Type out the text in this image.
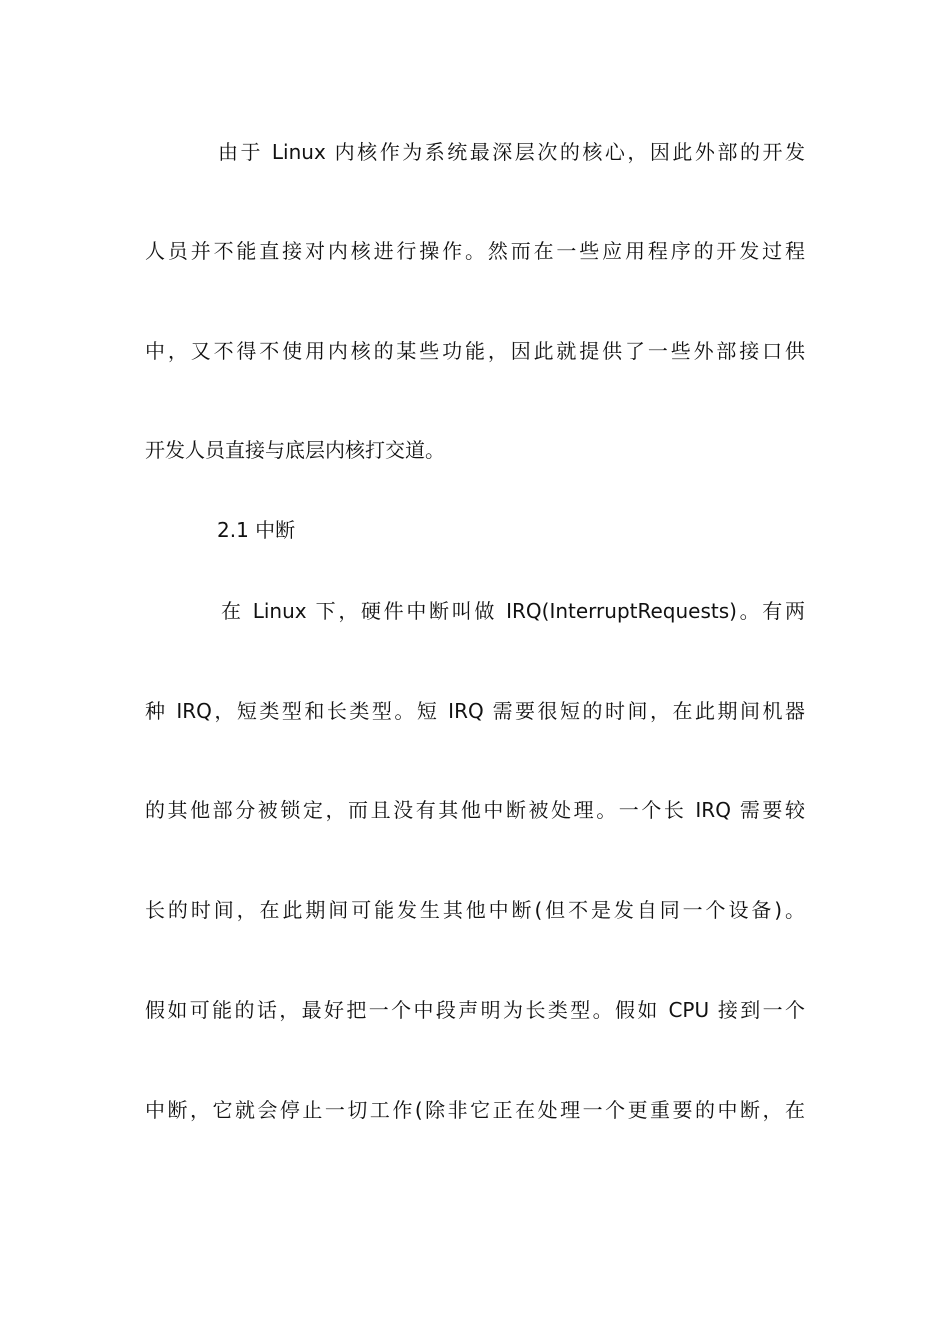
由于 Linux 内核作为系统最深层次的核心，因此外部的开发
人员并不能直接对内核进行操作。然而在一些应用程序的开发过程
中，又不得不使用内核的某些功能，因此就提供了一些外部接口供
开发人员直接与底层内核打交道。
2.1 中断
在 Linux 下，硬件中断叫做 IRQ(InterruptRequests)。有两
种 IRQ，短类型和长类型。短 IRQ 需要很短的时间，在此期间机器
的其他部分被锁定，而且没有其他中断被处理。一个长 IRQ 需要较
长的时间，在此期间可能发生其他中断(但不是发自同一个设备)。
假如可能的话，最好把一个中段声明为长类型。假如 CPU 接到一个
中断，它就会停止一切工作(除非它正在处理一个更重要的中断，在
